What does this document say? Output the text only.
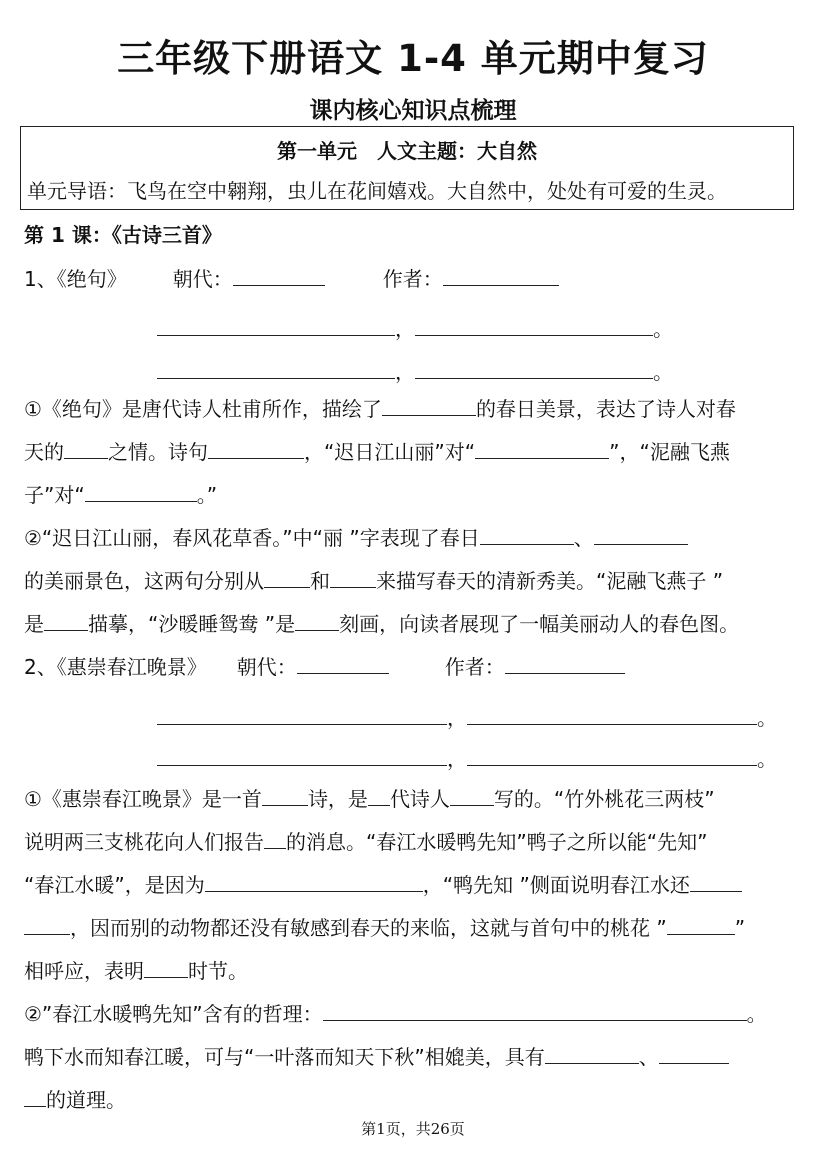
三年级下册语文 1-4 单元期中复习
课内核心知识点梳理
第一单元　人文主题：大自然
单元导语：飞鸟在空中翱翔，虫儿在花间嬉戏。大自然中，处处有可爱的生灵。
第 1 课：《古诗三首》
1、《绝句》 朝代：	作者：
，	。
，	。
①《绝句》是唐代诗人杜甫所作，描绘了	的春日美景，表达了诗人对春
天的 之情。诗句	，“迟日江山丽”对“	”，“泥融飞燕
子”对“	。”
②“迟日江山丽，春风花草香。”中“丽 ”字表现了春日	、
的美丽景色，这两句分别从 和 来描写春天的清新秀美。“泥融飞燕子 ”
是 描摹，“沙暖睡鸳鸯 ”是 刻画，向读者展现了一幅美丽动人的春色图。
2、《惠崇春江晚景》 朝代：	作者：
，	。
，	。
①《惠崇春江晚景》是一首 诗，是 代诗人 写的。“竹外桃花三两枝”
说明两三支桃花向人们报告 的消息。“春江水暖鸭先知”鸭子之所以能“先知”
“春江水暖”，是因为	，“鸭先知 ”侧面说明春江水还
，因而别的动物都还没有敏感到春天的来临，这就与首句中的桃花 ”	”
相呼应，表明 时节。
②”春江水暖鸭先知”含有的哲理：	。
鸭下水而知春江暖，可与“一叶落而知天下秋”相媲美，具有	、
的道理。
第1页，共26页
